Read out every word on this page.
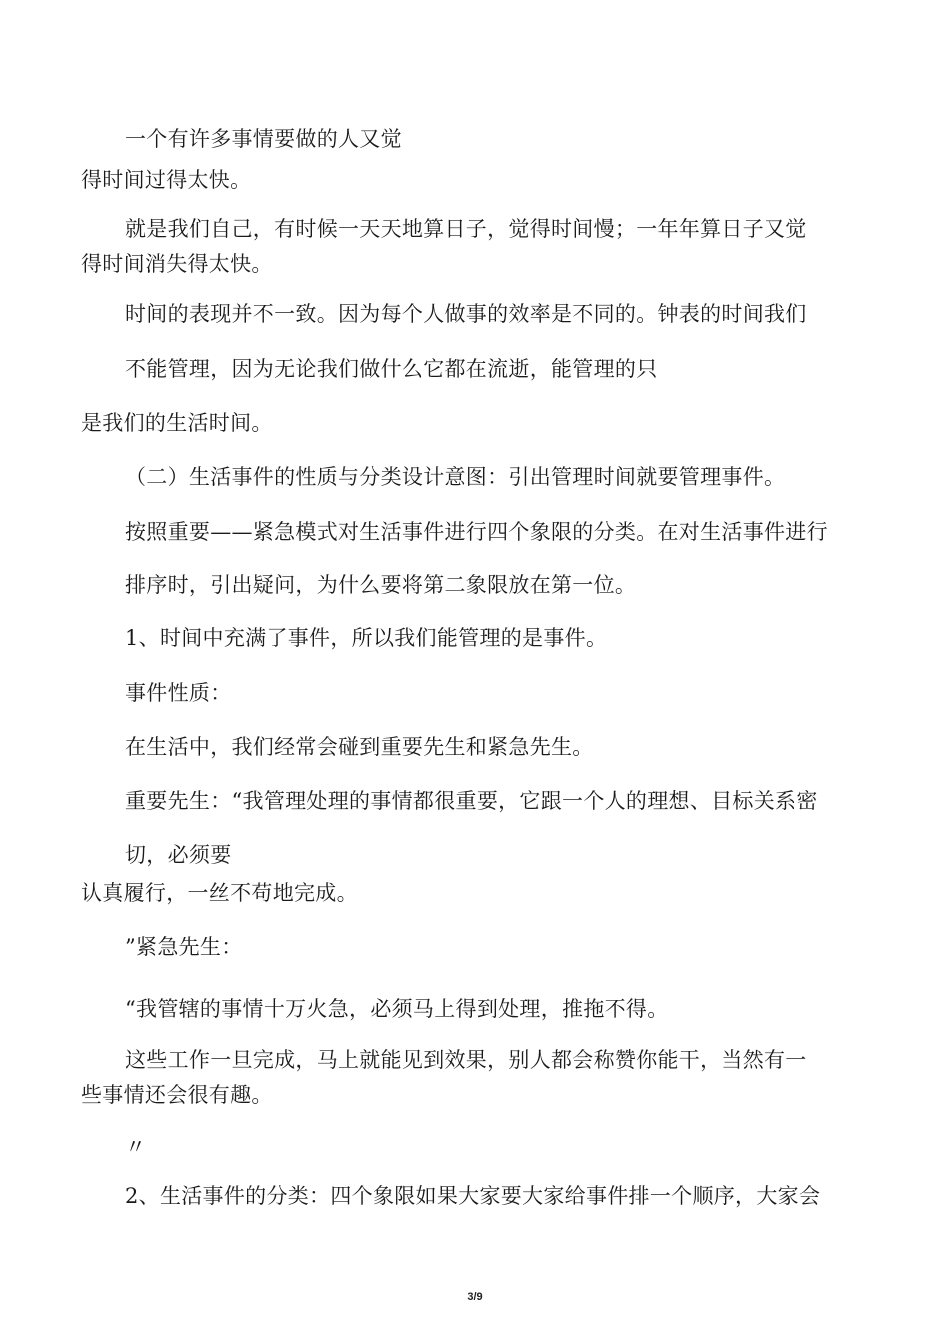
一个有许多事情要做的人又觉
得时间过得太快。
就是我们自己，有时候一天天地算日子，觉得时间慢；一年年算日子又觉
得时间消失得太快。
时间的表现并不一致。因为每个人做事的效率是不同的。钟表的时间我们
不能管理，因为无论我们做什么它都在流逝，能管理的只
是我们的生活时间。
（二）生活事件的性质与分类设计意图：引出管理时间就要管理事件。
按照重要——紧急模式对生活事件进行四个象限的分类。在对生活事件进行
排序时，引出疑问，为什么要将第二象限放在第一位。
1、时间中充满了事件，所以我们能管理的是事件。
事件性质：
在生活中，我们经常会碰到重要先生和紧急先生。
重要先生：“我管理处理的事情都很重要，它跟一个人的理想、目标关系密
切，必须要
认真履行，一丝不苟地完成。
”紧急先生：
“我管辖的事情十万火急，必须马上得到处理，推拖不得。
这些工作一旦完成，马上就能见到效果，别人都会称赞你能干，当然有一
些事情还会很有趣。
〃
2、生活事件的分类：四个象限如果大家要大家给事件排一个顺序，大家会
3/9
